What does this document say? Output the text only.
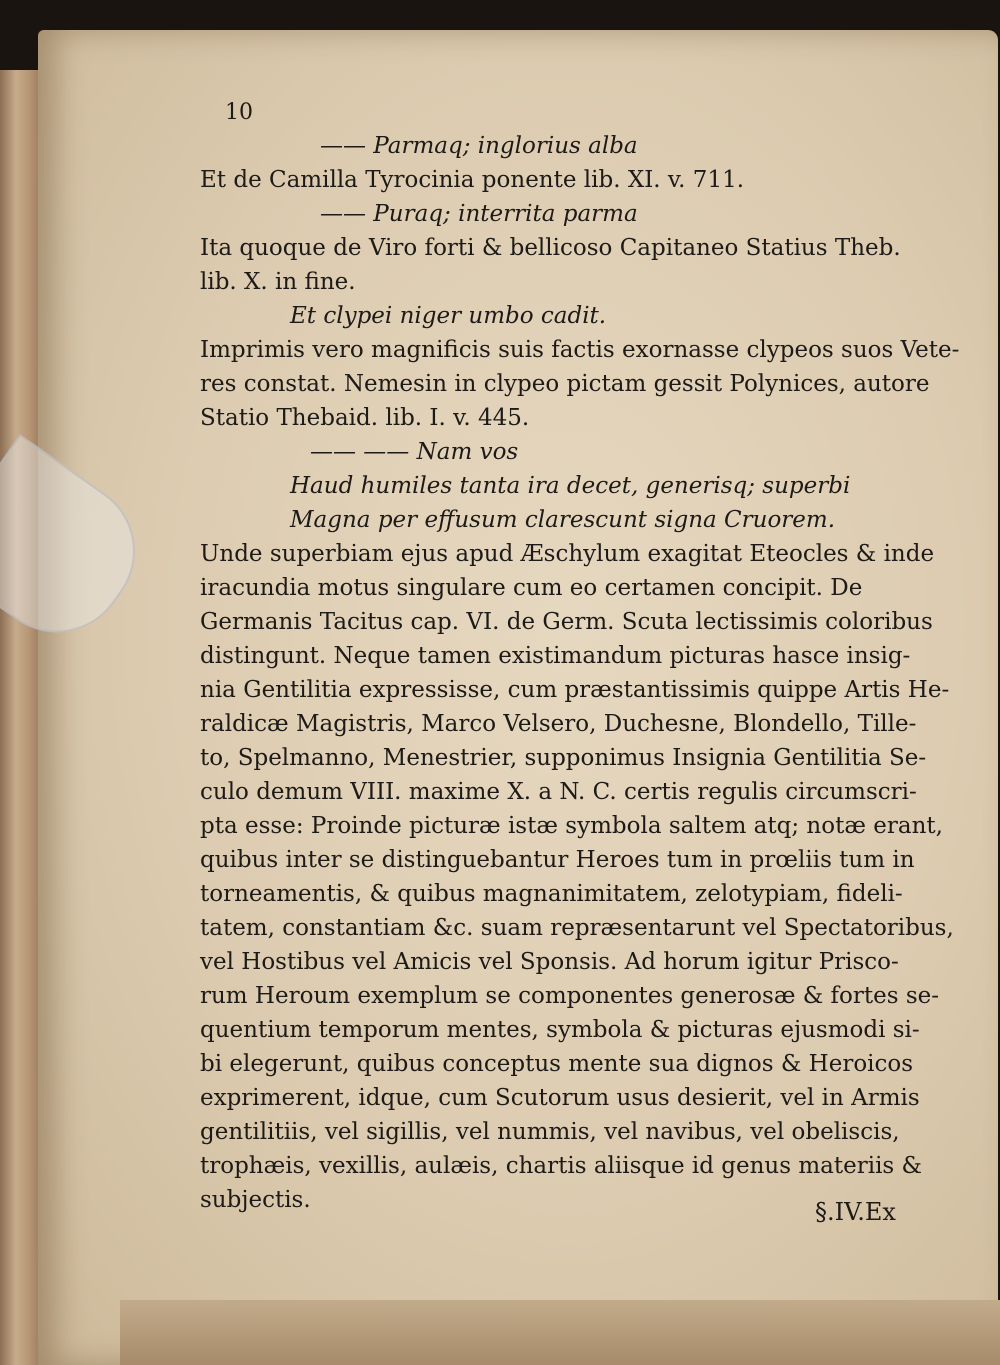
10
—— Parmaq; inglorius alba
Et de Camilla Tyrocinia ponente lib. XI. v. 711.
—— Puraq; interrita parma
Ita quoque de Viro forti & bellicoso Capitaneo Statius Theb.
lib. X. in fine.
Et clypei niger umbo cadit.
Imprimis vero magnificis suis factis exornasse clypeos suos Vete-
res constat. Nemesin in clypeo pictam gessit Polynices, autore
Statio Thebaid. lib. I. v. 445.
—— —— Nam vos
Haud humiles tanta ira decet, generisq; superbi
Magna per effusum clarescunt signa Cruorem.
Unde superbiam ejus apud Æschylum exagitat Eteocles & inde
iracundia motus singulare cum eo certamen concipit. De
Germanis Tacitus cap. VI. de Germ. Scuta lectissimis coloribus
distingunt. Neque tamen existimandum picturas hasce insig-
nia Gentilitia expressisse, cum præstantissimis quippe Artis He-
raldicæ Magistris, Marco Velsero, Duchesne, Blondello, Tille-
to, Spelmanno, Menestrier, supponimus Insignia Gentilitia Se-
culo demum VIII. maxime X. a N. C. certis regulis circumscri-
pta esse: Proinde picturæ istæ symbola saltem atq; notæ erant,
quibus inter se distinguebantur Heroes tum in prœliis tum in
torneamentis, & quibus magnanimitatem, zelotypiam, fideli-
tatem, constantiam &c. suam repræsentarunt vel Spectatoribus,
vel Hostibus vel Amicis vel Sponsis. Ad horum igitur Prisco-
rum Heroum exemplum se componentes generosæ & fortes se-
quentium temporum mentes, symbola & picturas ejusmodi si-
bi elegerunt, quibus conceptus mente sua dignos & Heroicos
exprimerent, idque, cum Scutorum usus desierit, vel in Armis
gentilitiis, vel sigillis, vel nummis, vel navibus, vel obeliscis,
trophæis, vexillis, aulæis, chartis aliisque id genus materiis &
subjectis.	§.IV.Ex
